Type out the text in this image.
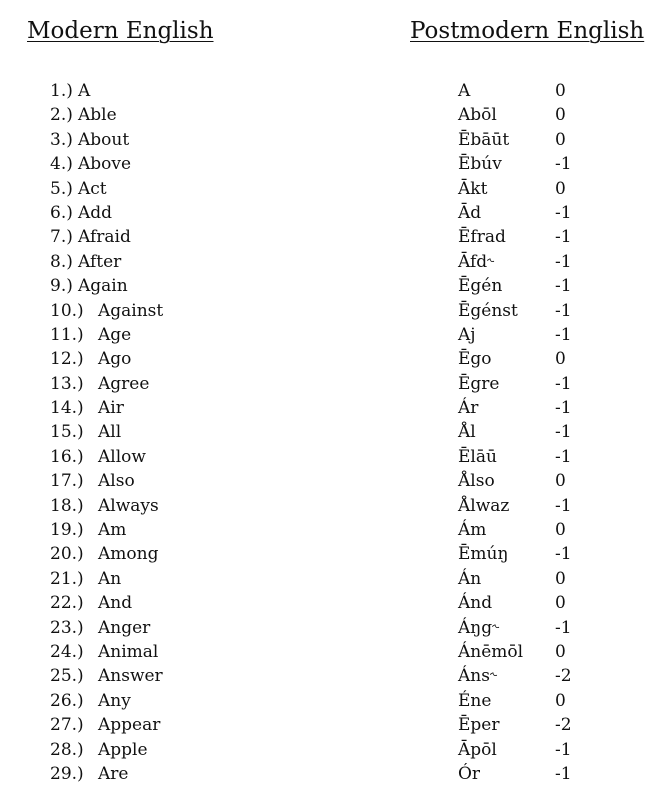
Modern English	Postmodern English
1.) A	A	0
2.) Able	Abōl	0
3.) About	Ēbāūt	0
4.) Above	Ēbúv	-1
5.) Act	Ākt	0
6.) Add	Ād	-1
7.) Afraid	Ēfrad	-1
8.) After	Āfd˞	-1
9.) Again	Ēgén	-1
10.) Against	Ēgénst -1
11.) Age	Aj	-1
12.) Ago	Ēgo	0
13.) Agree	Ēgre	-1
14.) Air	Ár	-1
15.) All	Ål	-1
16.) Allow	Ēlāū	-1
17.) Also	Ålso	0
18.) Always	Ålwaz	-1
19.) Am	Ám	0
20.) Among	Ēmúŋ	-1
21.) An	Án	0
22.) And	Ánd	0
23.) Anger	Áŋg˞	-1
24.) Animal	Ánēmōl 0
25.) Answer	Áns˞	-2
26.) Any	Éne	0
27.) Appear	Ēper	-2
28.) Apple	Āpōl	-1
29.) Are	Ór	-1
